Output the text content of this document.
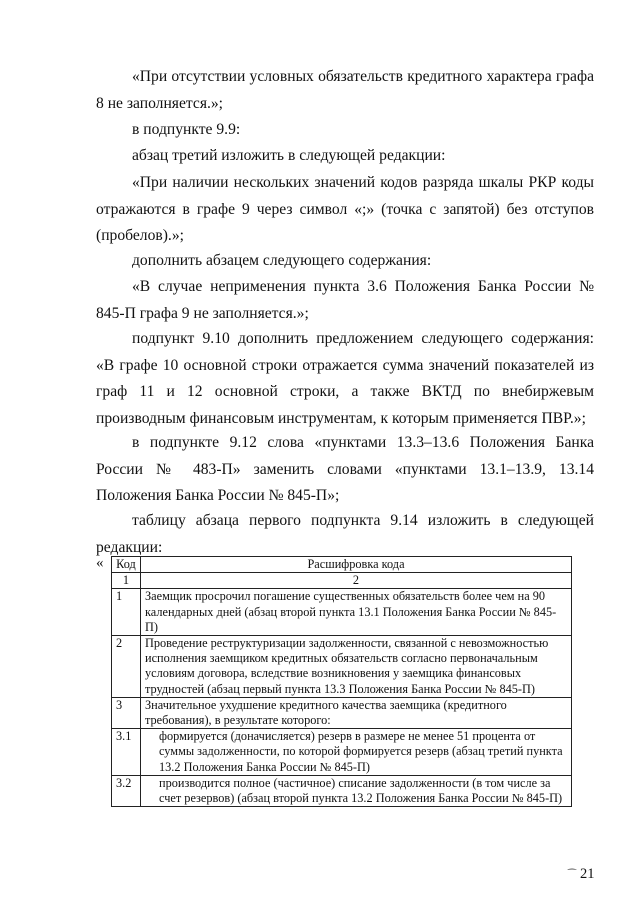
«При отсутствии условных обязательств кредитного характера графа 8 не заполняется.»;

в подпункте 9.9:

абзац третий изложить в следующей редакции:

«При наличии нескольких значений кодов разряда шкалы РКР коды отражаются в графе 9 через символ «;» (точка с запятой) без отступов (пробелов).»;

дополнить абзацем следующего содержания:

«В случае неприменения пункта 3.6 Положения Банка России № 845-П графа 9 не заполняется.»;

подпункт 9.10 дополнить предложением следующего содержания: «В графе 10 основной строки отражается сумма значений показателей из граф 11 и 12 основной строки, а также ВКТД по внебиржевым производным финансовым инструментам, к которым применяется ПВР.»;

в подпункте 9.12 слова «пунктами 13.3–13.6 Положения Банка России № 483-П» заменить словами «пунктами 13.1–13.9, 13.14 Положения Банка России № 845-П»;

таблицу абзаца первого подпункта 9.14 изложить в следующей редакции:

« Код	Расшифровка кода
1	2
1	Заемщик просрочил погашение существенных обязательств более чем на 90 календарных дней (абзац второй пункта 13.1 Положения Банка России № 845-П)
2	Проведение реструктуризации задолженности, связанной с невозможностью исполнения заемщиком кредитных обязательств согласно первоначальным условиям договора, вследствие возникновения у заемщика финансовых трудностей (абзац первый пункта 13.3 Положения Банка России № 845-П)
3	Значительное ухудшение кредитного качества заемщика (кредитного требования), в результате которого:
3.1	формируется (доначисляется) резерв в размере не менее 51 процента от суммы задолженности, по которой формируется резерв (абзац третий пункта 13.2 Положения Банка России № 845-П)
3.2	производится полное (частичное) списание задолженности (в том числе за счет резервов) (абзац второй пункта 13.2 Положения Банка России № 845-П)
⁀ 21
